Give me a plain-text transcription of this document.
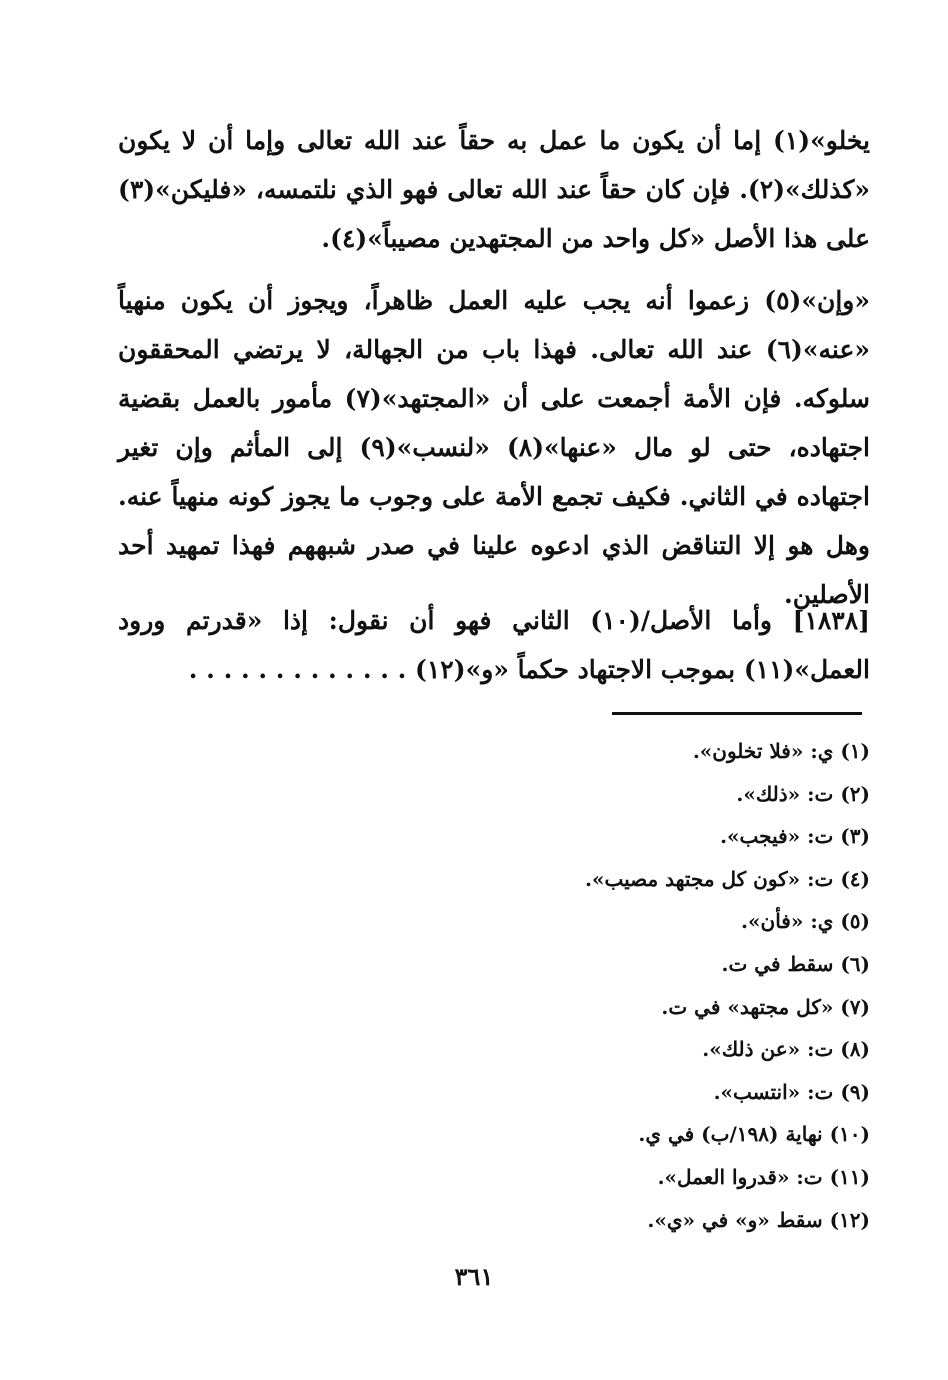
يخلو»(١) إما أن يكون ما عمل به حقاً عند الله تعالى وإما أن لا يكون «كذلك»(٢). فإن كان حقاً عند الله تعالى فهو الذي نلتمسه، «فليكن»(٣) على هذا الأصل «كل واحد من المجتهدين مصيباً»(٤).

«وإن»(٥) زعموا أنه يجب عليه العمل ظاهراً، ويجوز أن يكون منهياً «عنه»(٦) عند الله تعالى. فهذا باب من الجهالة، لا يرتضي المحققون سلوكه. فإن الأمة أجمعت على أن «المجتهد»(٧) مأمور بالعمل بقضية اجتهاده، حتى لو مال «عنها»(٨) «لنسب»(٩) إلى المأثم وإن تغير اجتهاده في الثاني. فكيف تجمع الأمة على وجوب ما يجوز كونه منهياً عنه. وهل هو إلا التناقض الذي ادعوه علينا في صدر شبههم فهذا تمهيد أحد الأصلين.

[١٨٣٨] وأما الأصل/(١٠) الثاني فهو أن نقول: إذا «قدرتم ورود العمل»(١١) بموجب الاجتهاد حكماً «و»(١٢) . . . . . . . . . . . . .

(١) ي: «فلا تخلون».

(٢) ت: «ذلك».

(٣) ت: «فيجب».

(٤) ت: «كون كل مجتهد مصيب».

(٥) ي: «فأن».

(٦) سقط في ت.

(٧) «كل مجتهد» في ت.

(٨) ت: «عن ذلك».

(٩) ت: «انتسب».

(١٠) نهاية (١٩٨/ب) في ي.

(١١) ت: «قدروا العمل».

(١٢) سقط «و» في «ي».

٣٦١
